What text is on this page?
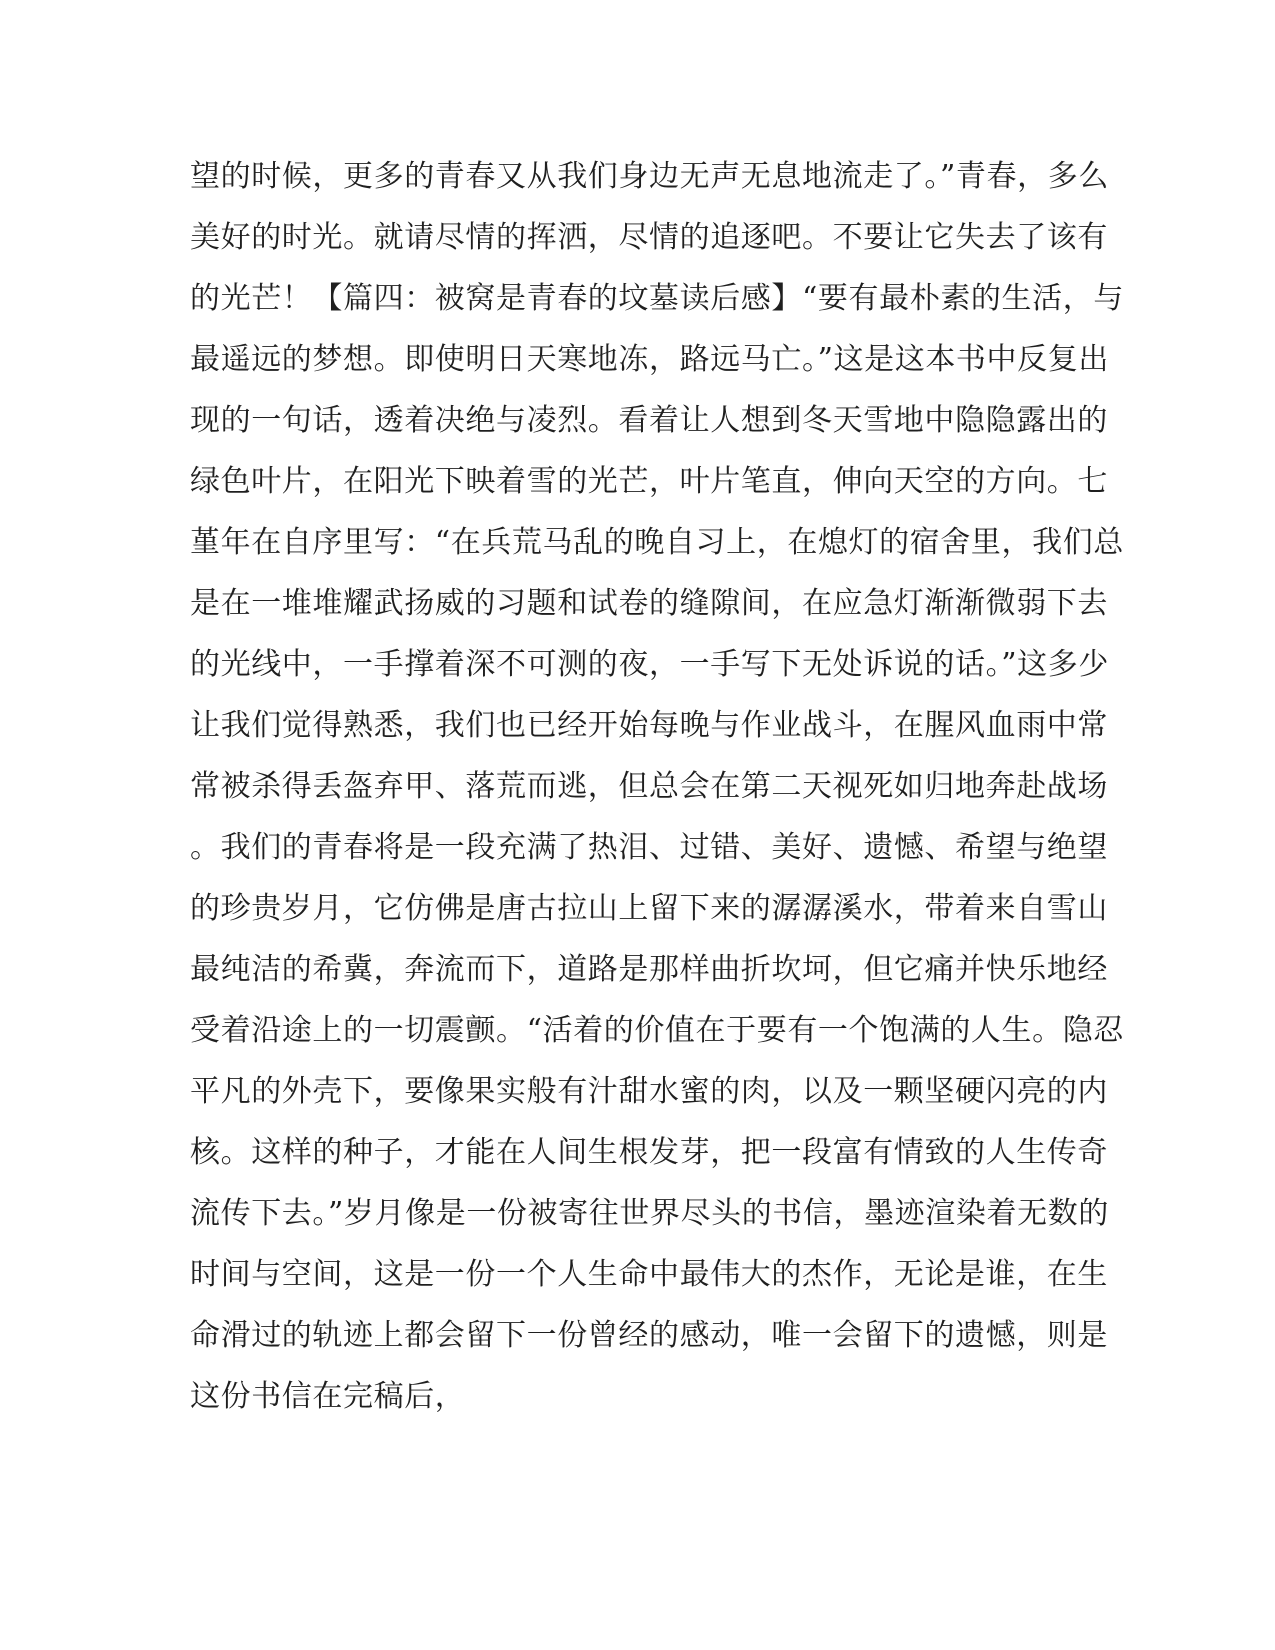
望的时候，更多的青春又从我们身边无声无息地流走了。”青春，多么
美好的时光。就请尽情的挥洒，尽情的追逐吧。不要让它失去了该有
的光芒！【篇四：被窝是青春的坟墓读后感】“要有最朴素的生活，与
最遥远的梦想。即使明日天寒地冻，路远马亡。”这是这本书中反复出
现的一句话，透着决绝与凌烈。看着让人想到冬天雪地中隐隐露出的
绿色叶片，在阳光下映着雪的光芒，叶片笔直，伸向天空的方向。七
堇年在自序里写：“在兵荒马乱的晚自习上，在熄灯的宿舍里，我们总
是在一堆堆耀武扬威的习题和试卷的缝隙间，在应急灯渐渐微弱下去
的光线中，一手撑着深不可测的夜，一手写下无处诉说的话。”这多少
让我们觉得熟悉，我们也已经开始每晚与作业战斗，在腥风血雨中常
常被杀得丢盔弃甲、落荒而逃，但总会在第二天视死如归地奔赴战场
。我们的青春将是一段充满了热泪、过错、美好、遗憾、希望与绝望
的珍贵岁月，它仿佛是唐古拉山上留下来的潺潺溪水，带着来自雪山
最纯洁的希冀，奔流而下，道路是那样曲折坎坷，但它痛并快乐地经
受着沿途上的一切震颤。“活着的价值在于要有一个饱满的人生。隐忍
平凡的外壳下，要像果实般有汁甜水蜜的肉，以及一颗坚硬闪亮的内
核。这样的种子，才能在人间生根发芽，把一段富有情致的人生传奇
流传下去。”岁月像是一份被寄往世界尽头的书信，墨迹渲染着无数的
时间与空间，这是一份一个人生命中最伟大的杰作，无论是谁，在生
命滑过的轨迹上都会留下一份曾经的感动，唯一会留下的遗憾，则是
这份书信在完稿后，
